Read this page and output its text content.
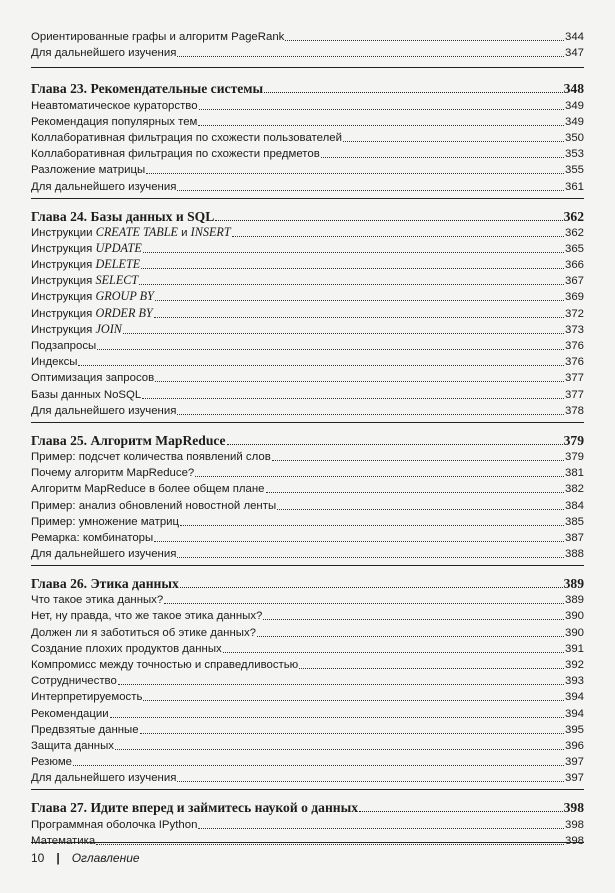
Ориентированные графы и алгоритм PageRank	344
Для дальнейшего изучения	347
Глава 23. Рекомендательные системы	348
Неавтоматическое кураторство	349
Рекомендация популярных тем	349
Коллаборативная фильтрация по схожести пользователей	350
Коллаборативная фильтрация по схожести предметов	353
Разложение матрицы	355
Для дальнейшего изучения	361
Глава 24. Базы данных и SQL	362
Инструкции CREATE TABLE и INSERT	362
Инструкция UPDATE	365
Инструкция DELETE	366
Инструкция SELECT	367
Инструкция GROUP BY	369
Инструкция ORDER BY	372
Инструкция JOIN	373
Подзапросы	376
Индексы	376
Оптимизация запросов	377
Базы данных NoSQL	377
Для дальнейшего изучения	378
Глава 25. Алгоритм MapReduce	379
Пример: подсчет количества появлений слов	379
Почему алгоритм MapReduce?	381
Алгоритм MapReduce в более общем плане	382
Пример: анализ обновлений новостной ленты	384
Пример: умножение матриц	385
Ремарка: комбинаторы	387
Для дальнейшего изучения	388
Глава 26. Этика данных	389
Что такое этика данных?	389
Нет, ну правда, что же такое этика данных?	390
Должен ли я заботиться об этике данных?	390
Создание плохих продуктов данных	391
Компромисс между точностью и справедливостью	392
Сотрудничество	393
Интерпретируемость	394
Рекомендации	394
Предвзятые данные	395
Защита данных	396
Резюме	397
Для дальнейшего изучения	397
Глава 27. Идите вперед и займитесь наукой о данных	398
Программная оболочка IPython	398
Математика	398
10 | Оглавление
